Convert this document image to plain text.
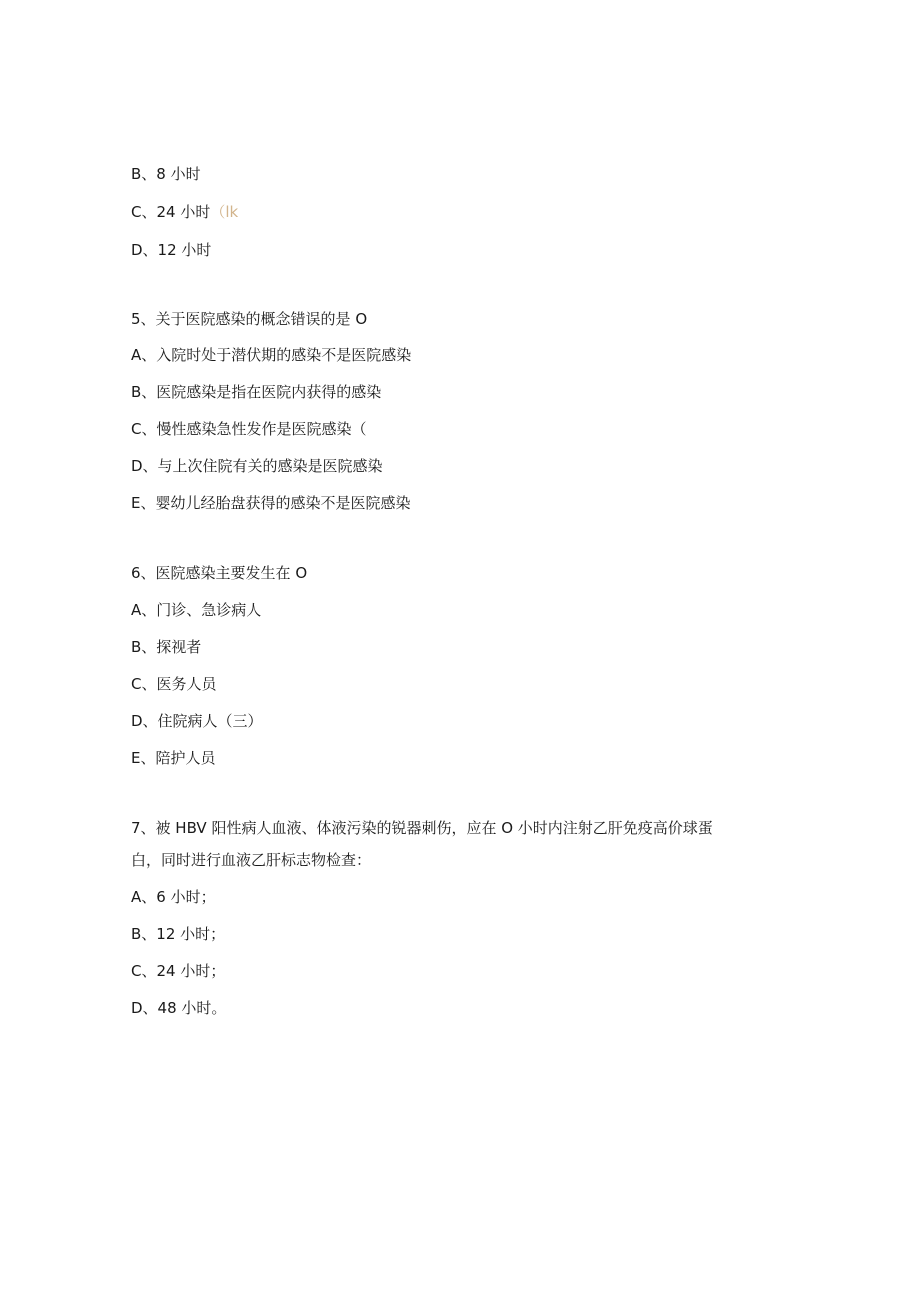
B、8 小时
C、24 小时（lk
D、12 小时
5、关于医院感染的概念错误的是 O
A、入院时处于潜伏期的感染不是医院感染
B、医院感染是指在医院内获得的感染
C、慢性感染急性发作是医院感染（
D、与上次住院有关的感染是医院感染
E、婴幼儿经胎盘获得的感染不是医院感染
6、医院感染主要发生在 O
A、门诊、急诊病人
B、探视者
C、医务人员
D、住院病人（三）
E、陪护人员
7、被 HBV 阳性病人血液、体液污染的锐器刺伤，应在 O 小时内注射乙肝免疫高价球蛋
白，同时进行血液乙肝标志物检查：
A、6 小时；
B、12 小时；
C、24 小时；
D、48 小时。
